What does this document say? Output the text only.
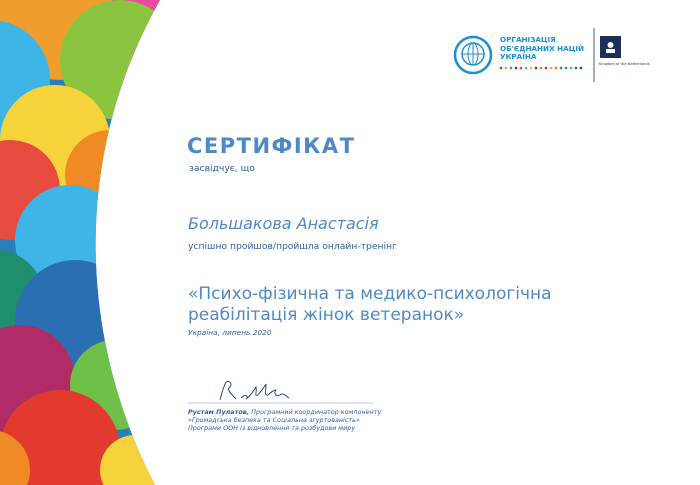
ОРГАНІЗАЦІЯ
ОБ'ЄДНАНИХ НАЦІЙ
УКРАЇНА
Kingdom of the Netherlands
СЕРТИФІКАТ
засвідчує, що
Большакова Анастасія
успішно пройшов/пройшла онлайн-тренінг
«Психо-фізична та медико-психологічна
реабілітація жінок ветеранок»
Україна, липень 2020
Рустам Пулатов, Програмний координатор компоненту
«Громадська безпека та Соціальна згуртованість»
Програми ООН із відновлення та розбудови миру
